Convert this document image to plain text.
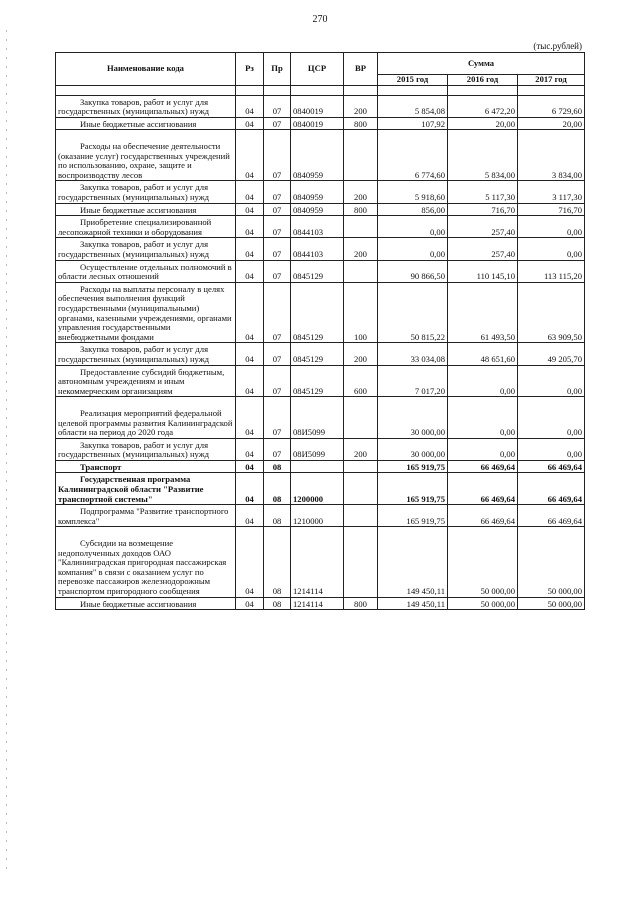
270
(тыс.рублей)
Наименование кода	Рз	Пр	ЦСР	ВР	Сумма		
					2015 год	2016 год	2017 год

Закупка товаров, работ и услуг для государственных (муниципальных) нужд	04	07	0840019	200	5 854,08	6 472,20	6 729,60

Иные бюджетные ассигнования	04	07	0840019	800	107,92	20,00	20,00

Расходы на обеспечение деятельности (оказание услуг) государственных учреждений по использованию, охране, защите и воспроизводству лесов	04	07	0840959		6 774,60	5 834,00	3 834,00

Закупка товаров, работ и услуг для государственных (муниципальных) нужд	04	07	0840959	200	5 918,60	5 117,30	3 117,30

Иные бюджетные ассигнования	04	07	0840959	800	856,00	716,70	716,70

Приобретение специализированной лесопожарной техники и оборудования	04	07	0844103		0,00	257,40	0,00

Закупка товаров, работ и услуг для государственных (муниципальных) нужд	04	07	0844103	200	0,00	257,40	0,00

Осуществление отдельных полномочий в области лесных отношений	04	07	0845129		90 866,50	110 145,10	113 115,20

Расходы на выплаты персоналу в целях обеспечения выполнения функций государственными (муниципальными) органами, казенными учреждениями, органами управления государственными внебюджетными фондами	04	07	0845129	100	50 815,22	61 493,50	63 909,50

Закупка товаров, работ и услуг для государственных (муниципальных) нужд	04	07	0845129	200	33 034,08	48 651,60	49 205,70

Предоставление субсидий бюджетным, автономным учреждениям и иным некоммерческим организациям	04	07	0845129	600	7 017,20	0,00	0,00

Реализация мероприятий федеральной целевой программы развития Калининградской области на период до 2020 года	04	07	08И5099		30 000,00	0,00	0,00

Закупка товаров, работ и услуг для государственных (муниципальных) нужд	04	07	08И5099	200	30 000,00	0,00	0,00

Транспорт	04	08			165 919,75	66 469,64	66 469,64

Государственная программа Калининградской области "Развитие транспортной системы"	04	08	1200000		165 919,75	66 469,64	66 469,64

Подпрограмма "Развитие транспортного комплекса"	04	08	1210000		165 919,75	66 469,64	66 469,64

Субсидии на возмещение недополученных доходов ОАО "Калининградская пригородная пассажирская компания" в связи с оказанием услуг по перевозке пассажиров железнодорожным транспортом пригородного сообщения	04	08	1214114		149 450,11	50 000,00	50 000,00

Иные бюджетные ассигнования	04	08	1214114	800	149 450,11	50 000,00	50 000,00
